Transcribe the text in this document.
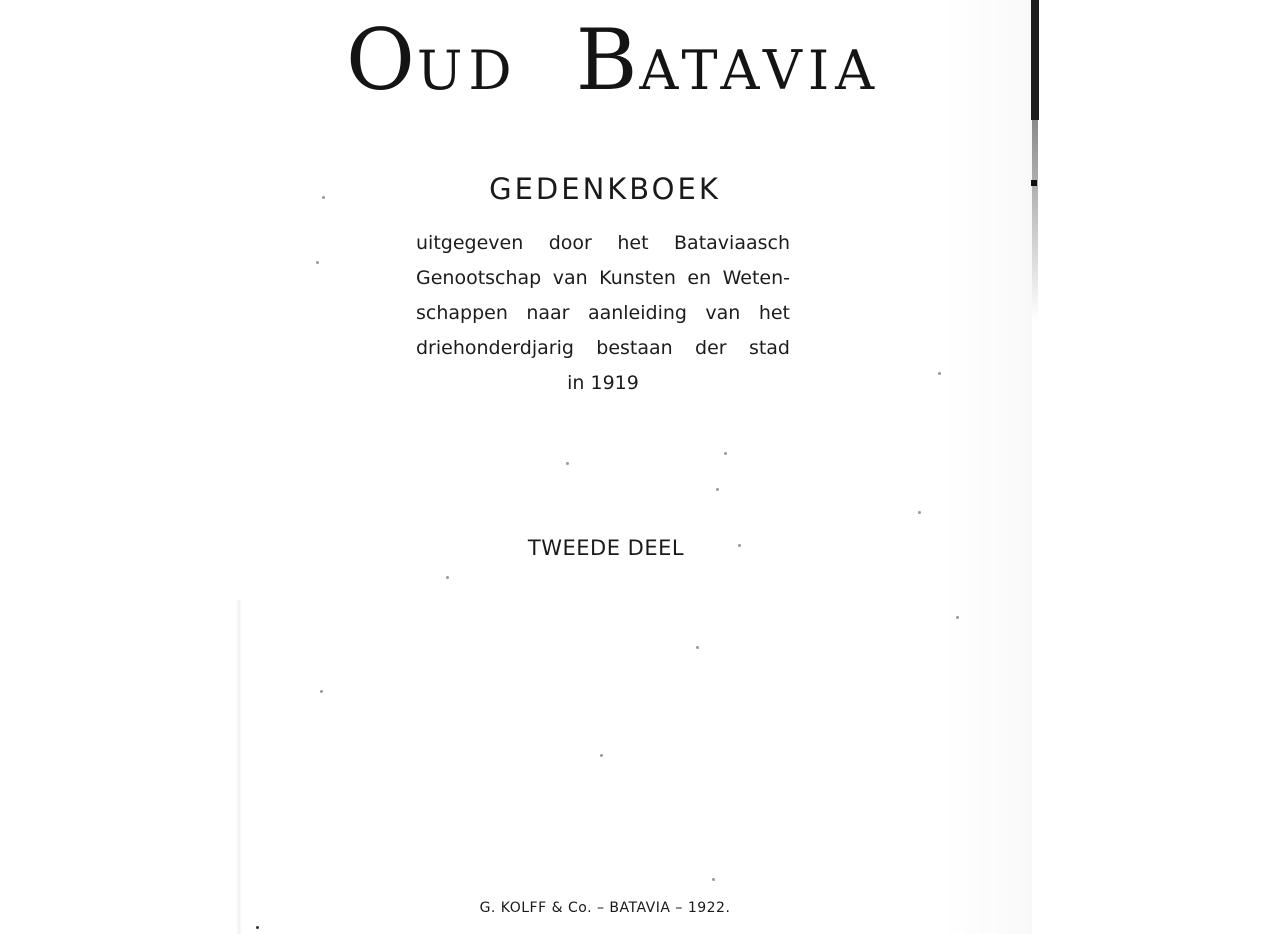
OUD BATAVIA
GEDENKBOEK
uitgegeven door het Bataviaasch
Genootschap van Kunsten en Weten-
schappen naar aanleiding van het
driehonderdjarig bestaan der stad
in 1919
TWEEDE DEEL
G. KOLFF & Co. – BATAVIA – 1922.
